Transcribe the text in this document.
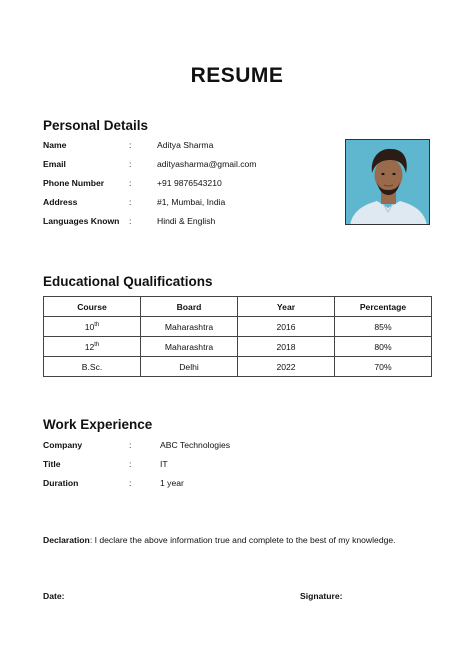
RESUME
Personal Details
Name	:	Aditya Sharma
Email	:	adityasharma@gmail.com
Phone Number	:	+91 9876543210
Address	:	#1, Mumbai, India
Languages Known :	Hindi & English
Educational Qualifications
Course	Board	Year	Percentage
10th	Maharashtra	2016	85%
12th	Maharashtra	2018	80%
B.Sc.	Delhi	2022	70%
Work Experience
Company	:	ABC Technologies
Title	:	IT
Duration	:	1 year
Declaration: I declare the above information true and complete to the best of my knowledge.
Date:	Signature:
